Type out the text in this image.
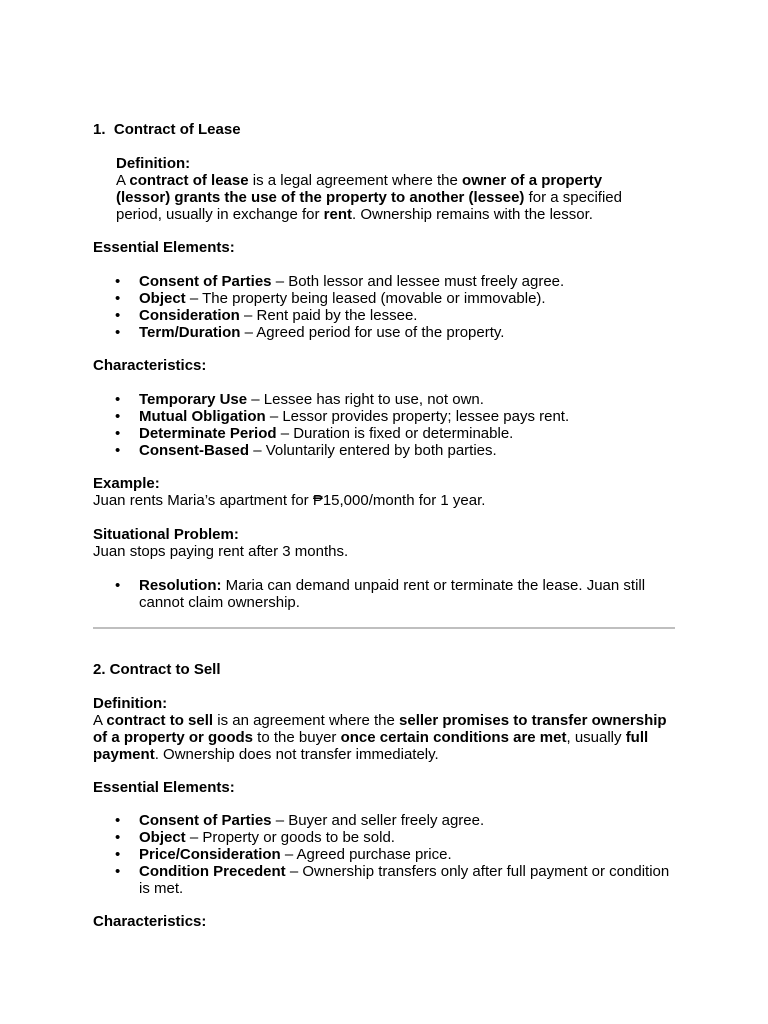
1. Contract of Lease
Definition:

A contract of lease is a legal agreement where the owner of a property (lessor) grants the use of the property to another (lessee) for a specified period, usually in exchange for rent. Ownership remains with the lessor.

Essential Elements:
• Consent of Parties – Both lessor and lessee must freely agree.
• Object – The property being leased (movable or immovable).
• Consideration – Rent paid by the lessee.
• Term/Duration – Agreed period for use of the property.
Characteristics:
• Temporary Use – Lessee has right to use, not own.
• Mutual Obligation – Lessor provides property; lessee pays rent.
• Determinate Period – Duration is fixed or determinable.
• Consent-Based – Voluntarily entered by both parties.
Example:
Juan rents Maria’s apartment for ₱15,000/month for 1 year.
Situational Problem:
Juan stops paying rent after 3 months.
• Resolution: Maria can demand unpaid rent or terminate the lease. Juan still cannot claim ownership.
2. Contract to Sell
Definition:

A contract to sell is an agreement where the seller promises to transfer ownership of a property or goods to the buyer once certain conditions are met, usually full payment. Ownership does not transfer immediately.

Essential Elements:
• Consent of Parties – Buyer and seller freely agree.
• Object – Property or goods to be sold.
• Price/Consideration – Agreed purchase price.
• Condition Precedent – Ownership transfers only after full payment or condition is met.
Characteristics:
